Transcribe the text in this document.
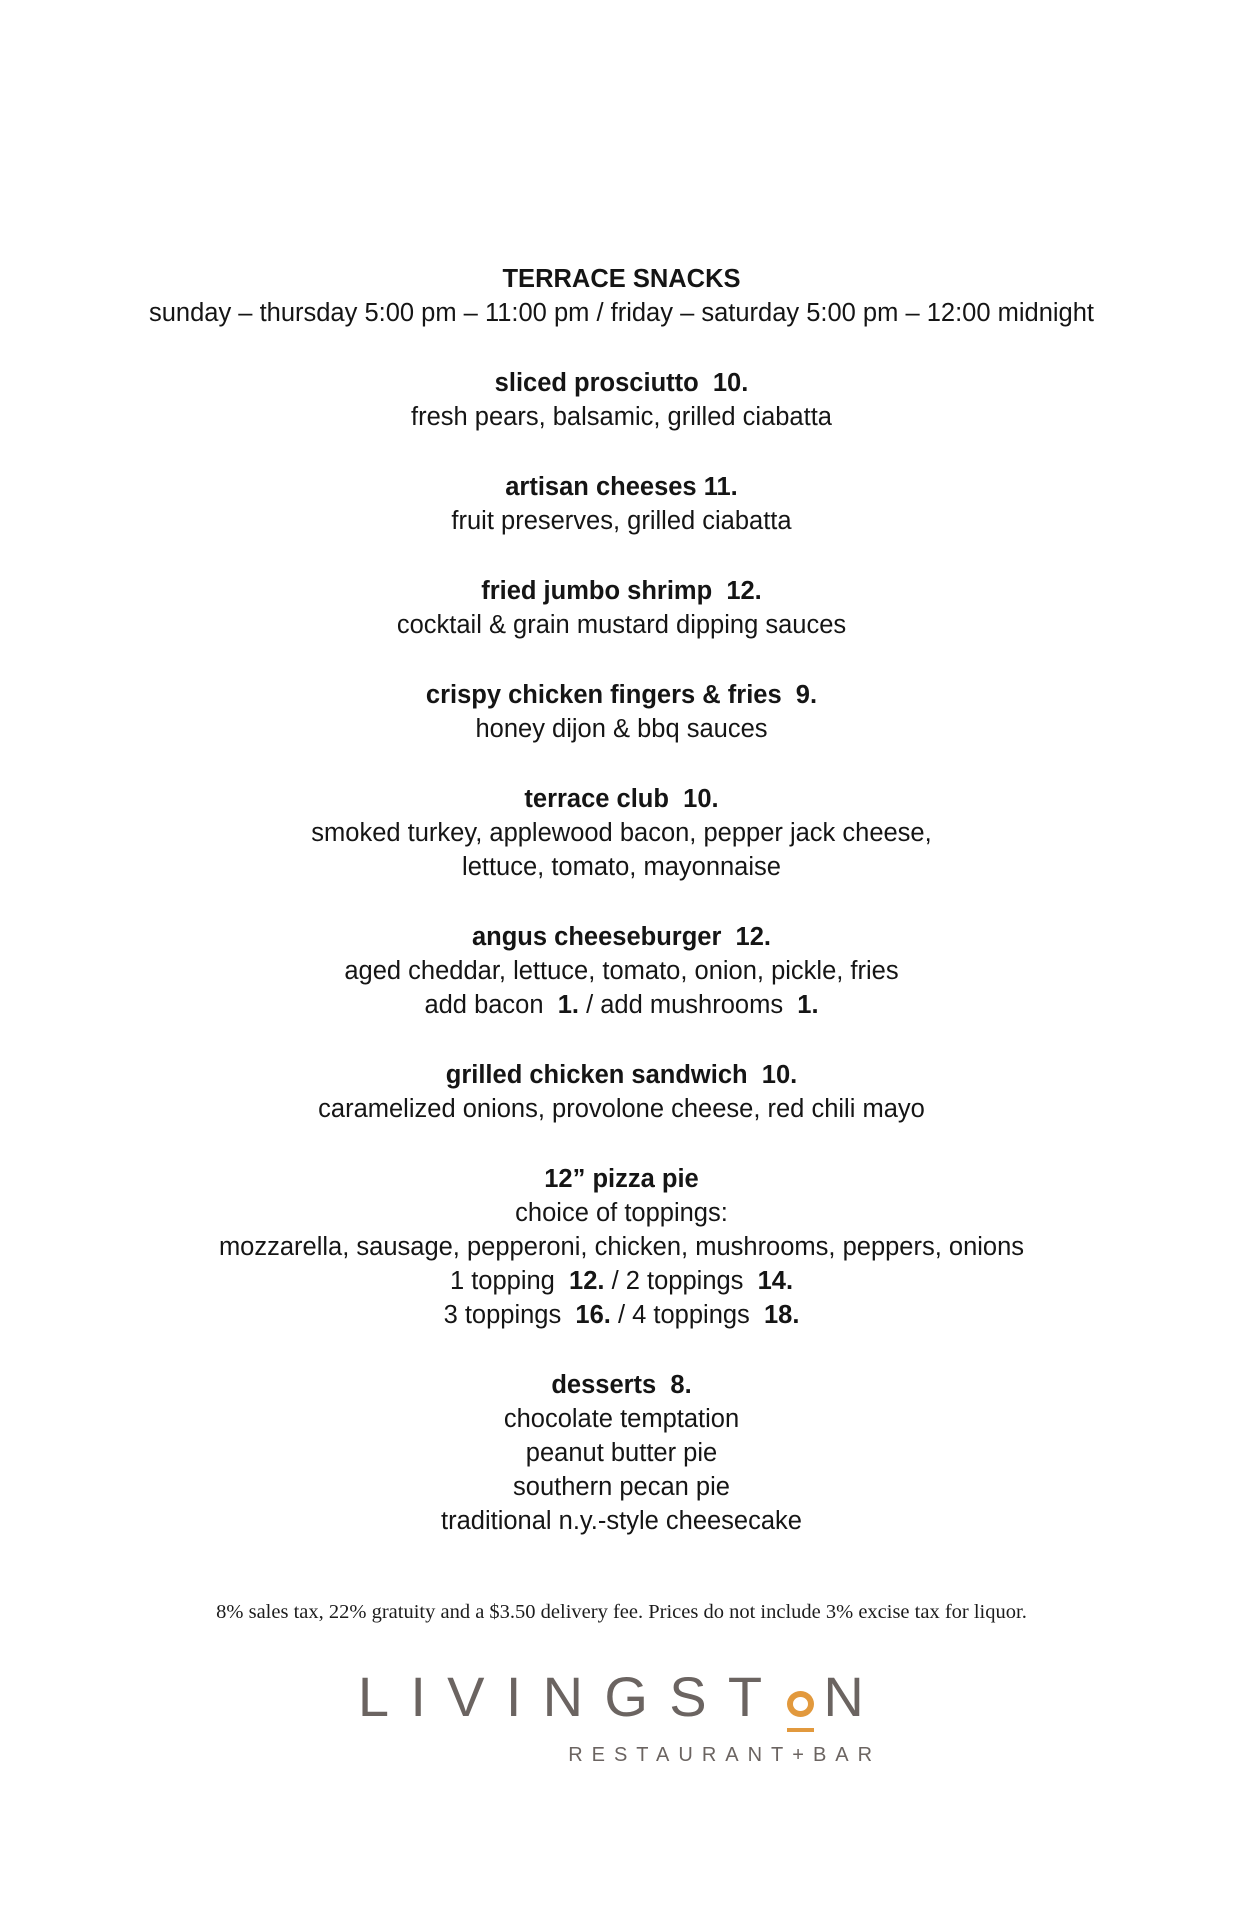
TERRACE SNACKS
sunday – thursday 5:00 pm – 11:00 pm / friday – saturday 5:00 pm – 12:00 midnight
sliced prosciutto  10.
fresh pears, balsamic, grilled ciabatta
artisan cheeses 11.
fruit preserves, grilled ciabatta
fried jumbo shrimp  12.
cocktail & grain mustard dipping sauces
crispy chicken fingers & fries  9.
honey dijon & bbq sauces
terrace club  10.
smoked turkey, applewood bacon, pepper jack cheese,
lettuce, tomato, mayonnaise
angus cheeseburger  12.
aged cheddar, lettuce, tomato, onion, pickle, fries
add bacon  1. / add mushrooms  1.
grilled chicken sandwich  10.
caramelized onions, provolone cheese, red chili mayo
12” pizza pie
choice of toppings:
mozzarella, sausage, pepperoni, chicken, mushrooms, peppers, onions
1 topping  12. / 2 toppings  14.
3 toppings  16. / 4 toppings  18.
desserts  8.
chocolate temptation
peanut butter pie
southern pecan pie
traditional n.y.-style cheesecake
8% sales tax, 22% gratuity and a $3.50 delivery fee. Prices do not include 3% excise tax for liquor.
LIVINGST N
RESTAURANT+BAR
